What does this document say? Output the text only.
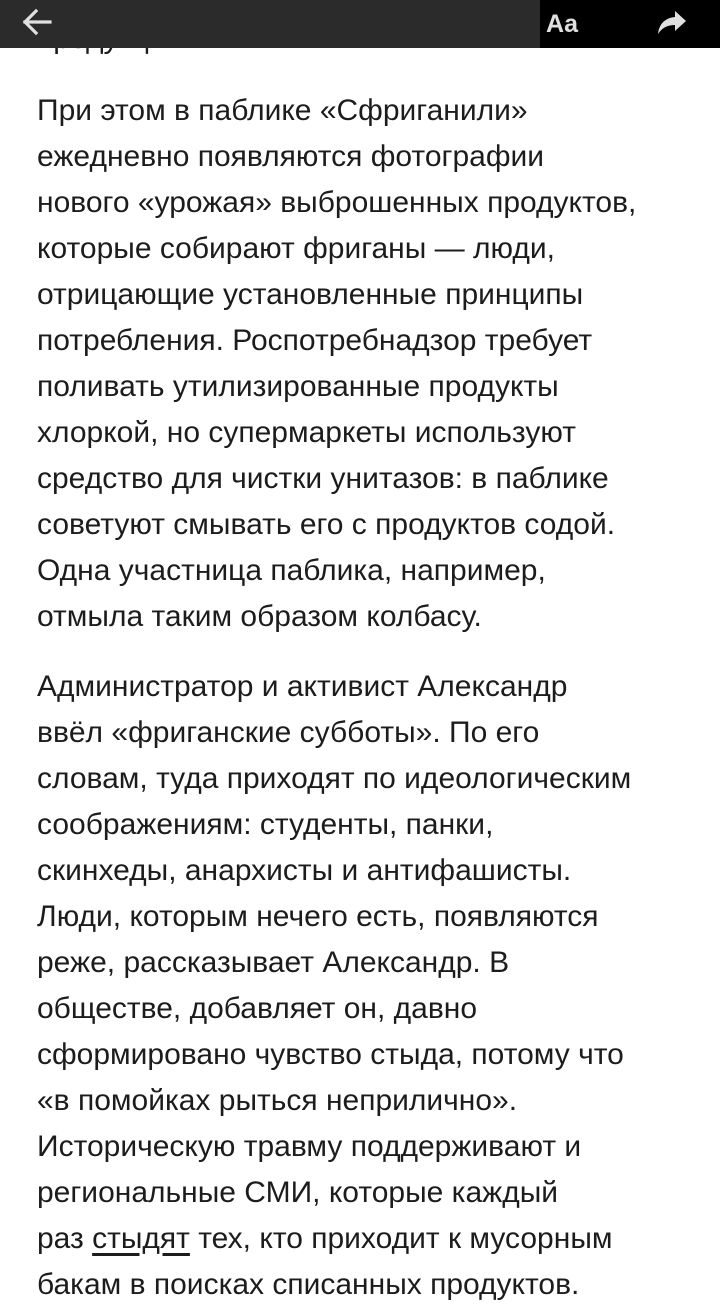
Aa

При этом в паблике «Сфриганили»
ежедневно появляются фотографии
нового «урожая» выброшенных продуктов,
которые собирают фриганы — люди,
отрицающие установленные принципы
потребления. Роспотребнадзор требует
поливать утилизированные продукты
хлоркой, но супермаркеты используют
средство для чистки унитазов: в паблике
советуют смывать его с продуктов содой.
Одна участница паблика, например,
отмыла таким образом колбасу.
Администратор и активист Александр
ввёл «фриганские субботы». По его
словам, туда приходят по идеологическим
соображениям: студенты, панки,
скинхеды, анархисты и антифашисты.
Люди, которым нечего есть, появляются
реже, рассказывает Александр. В
обществе, добавляет он, давно
сформировано чувство стыда, потому что
«в помойках рыться неприлично».
Историческую травму поддерживают и
региональные СМИ, которые каждый
раз стыдят тех, кто приходит к мусорным
бакам в поисках списанных продуктов.
